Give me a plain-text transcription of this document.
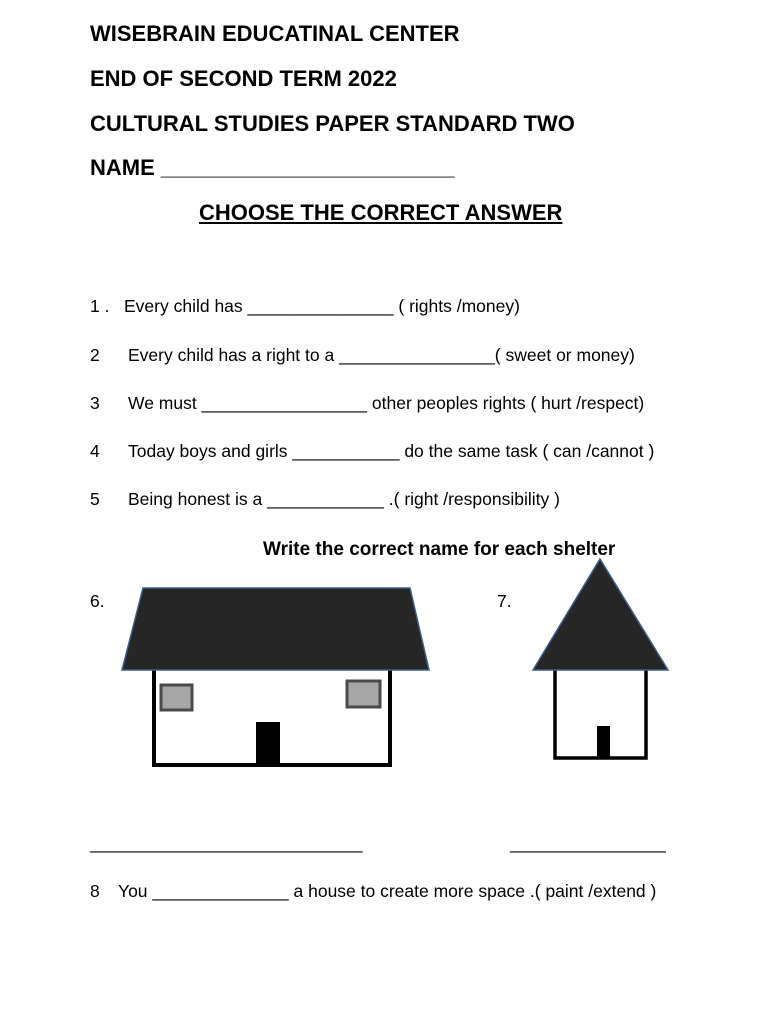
WISEBRAIN EDUCATINAL CENTER
END OF SECOND TERM 2022
CULTURAL STUDIES PAPER STANDARD TWO
NAME ________________________
CHOOSE THE CORRECT ANSWER
1 . Every child has _______________ ( rights /money)
2 Every child has a right to a ________________( sweet or money)
3 We must _________________ other peoples rights ( hurt /respect)
4 Today boys and girls ___________ do the same task ( can /cannot )
5 Being honest is a ____________ .( right /responsibility )
Write the correct name for each shelter
6.	7.
____________________________	________________
8 You ______________ a house to create more space .( paint /extend )
